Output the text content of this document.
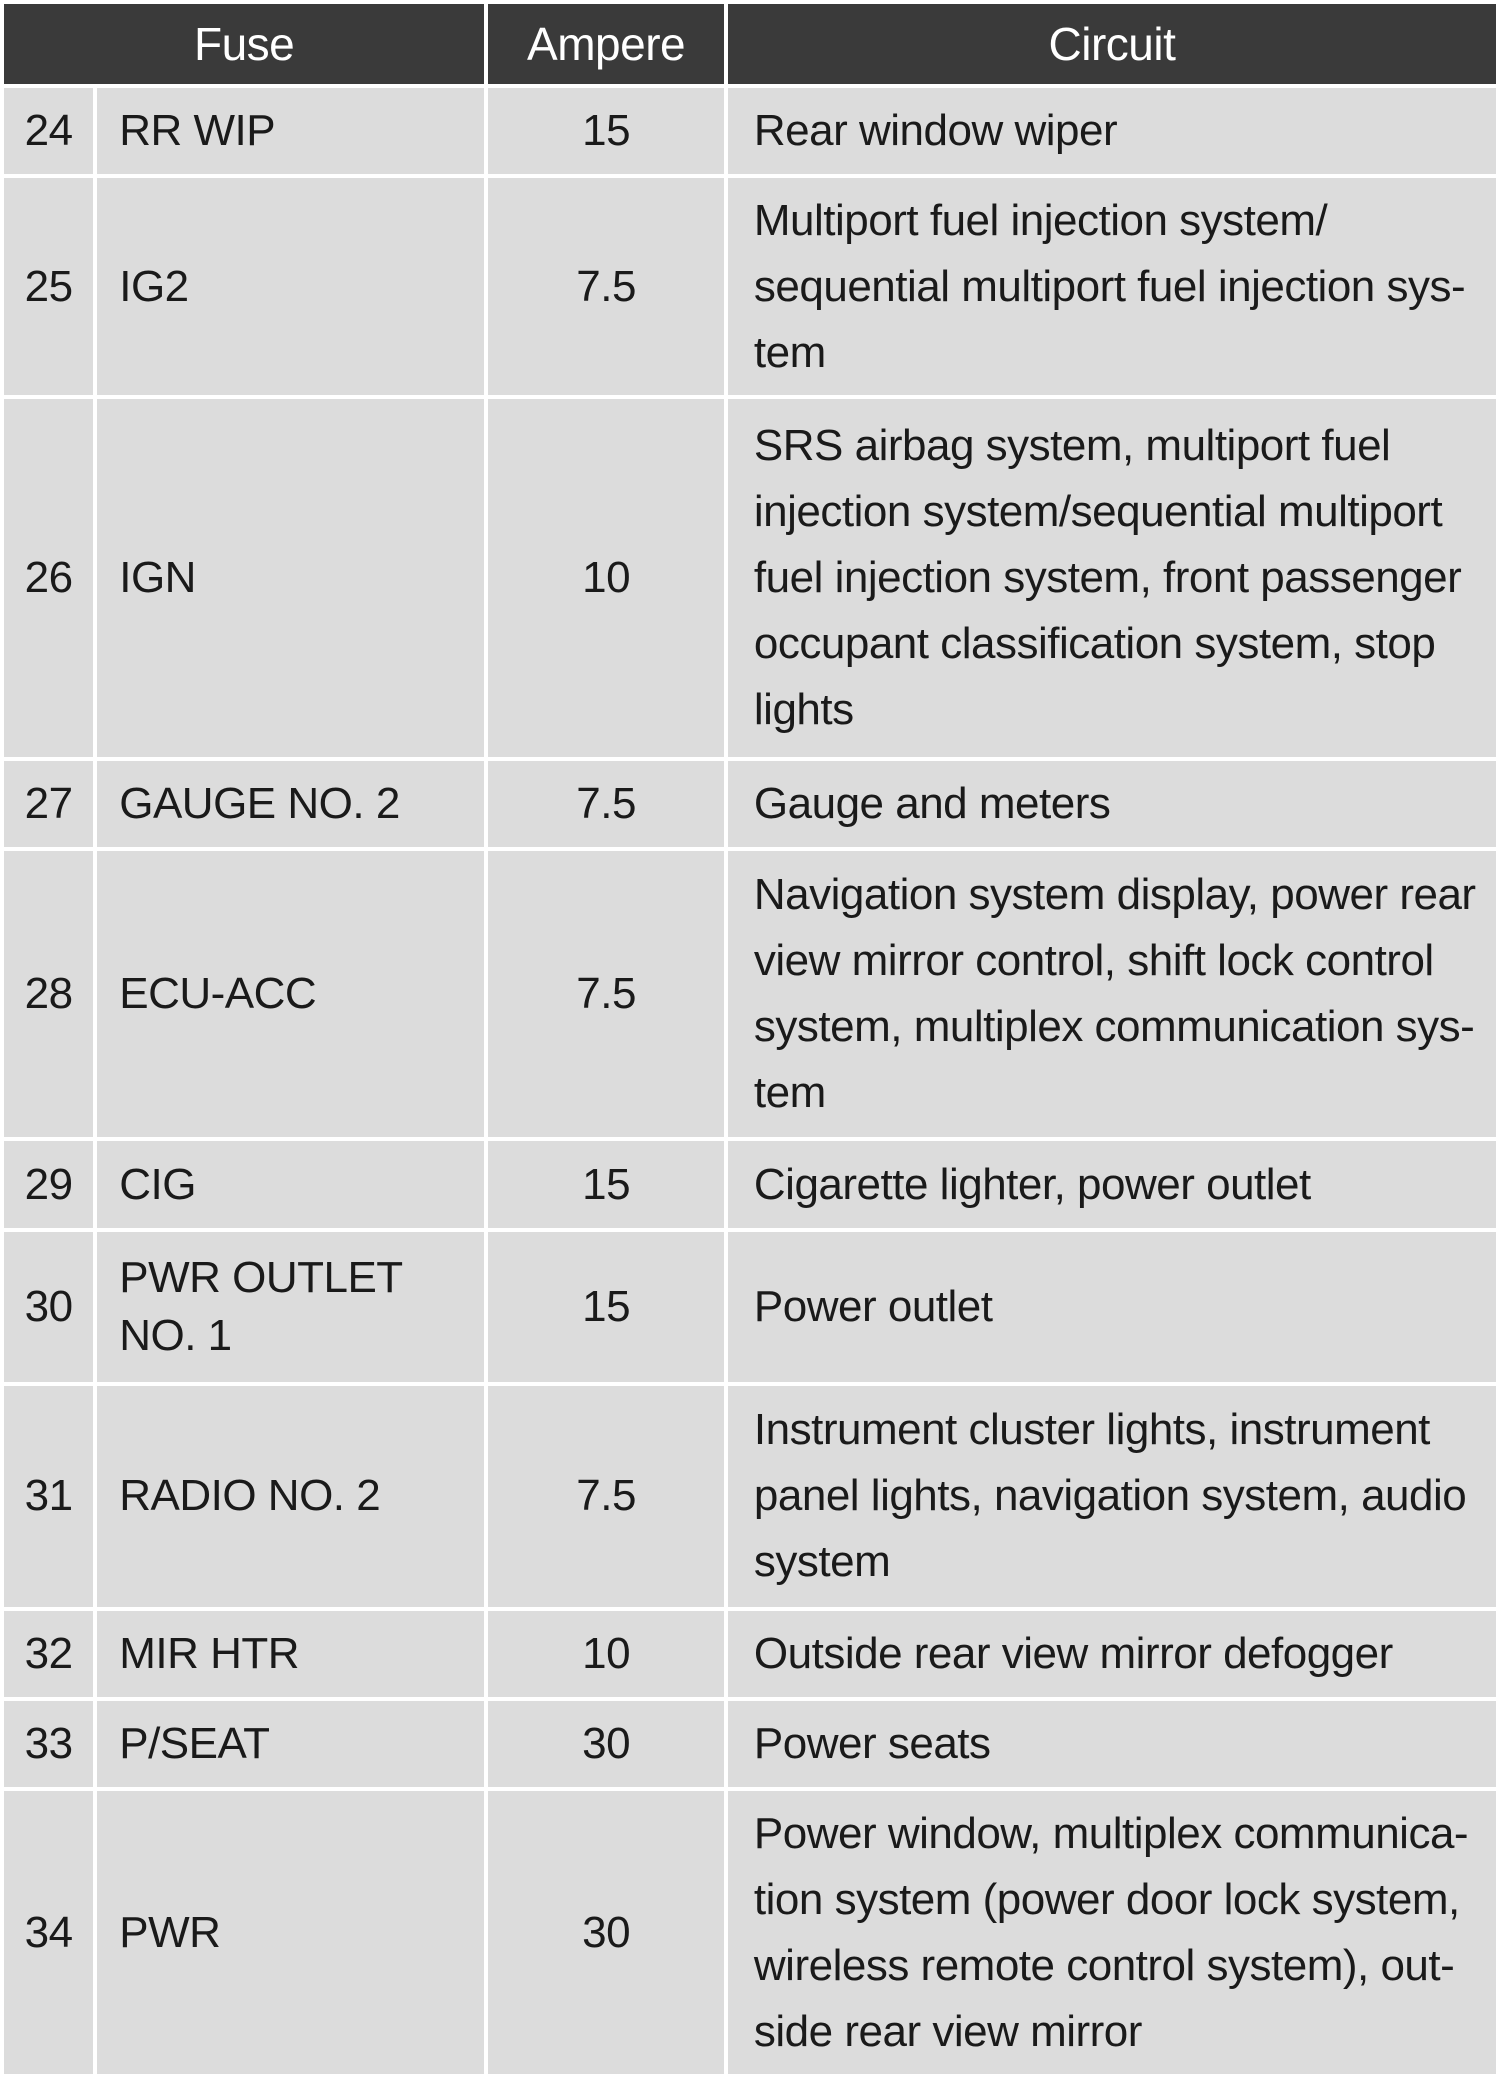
Fuse		Ampere	Circuit
24	RR WIP	15	Rear window wiper
25	IG2	7.5	Multiport fuel injection system/ sequential multiport fuel injection sys- tem
26	IGN	10	SRS airbag system, multiport fuel injection system/sequential multiport fuel injection system, front passenger occupant classification system, stop lights
27	GAUGE NO. 2	7.5	Gauge and meters
28	ECU-ACC	7.5	Navigation system display, power rear view mirror control, shift lock control system, multiplex communication sys- tem
29	CIG	15	Cigarette lighter, power outlet
30	PWR OUTLET NO. 1	15	Power outlet
31	RADIO NO. 2	7.5	Instrument cluster lights, instrument panel lights, navigation system, audio system
32	MIR HTR	10	Outside rear view mirror defogger
33	P/SEAT	30	Power seats
34	PWR	30	Power window, multiplex communica- tion system (power door lock system, wireless remote control system), out- side rear view mirror
